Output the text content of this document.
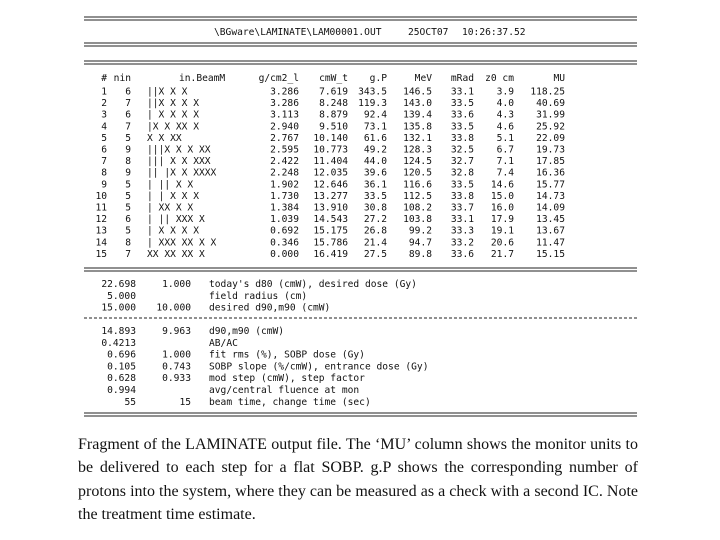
\BGware\LAMINATE\LAM00001.OUT	25OCT07 10:26:37.52
# nin	in.BeamM	g/cm2_l cmW_t g.P	MeV mRad z0 cm	MU
1 6 ||X X X	3.286 7.619 343.5 146.5 33.1 3.9 118.25
2 7 ||X X X X	3.286 8.248 119.3 143.0 33.5 4.0 40.69
3 6 | X X X X	3.113 8.879 92.4 139.4 33.6 4.3 31.99
4 7 |X X XX X	2.940 9.510 73.1 135.8 33.5 4.6 25.92
5 5 X X XX	2.767 10.140 61.6 132.1 33.8 5.1 22.09
6 9 |||X X X XX	2.595 10.773 49.2 128.3 32.5 6.7 19.73
7 8 ||| X X XXX	2.422 11.404 44.0 124.5 32.7 7.1 17.85
8 9 || |X X XXXX	2.248 12.035 39.6 120.5 32.8 7.4 16.36
9 5 | || X X	1.902 12.646 36.1 116.6 33.5 14.6 15.77
10 5 | | X X X	1.730 13.277 33.5 112.5 33.8 15.0 14.73
11 5 | XX X X	1.384 13.910 30.8 108.2 33.7 16.0 14.09
12 6 | || XXX X	1.039 14.543 27.2 103.8 33.1 17.9 13.45
13 5 | X X X X	0.692 15.175 26.8 99.2 33.3 19.1 13.67
14 8 | XXX XX X X	0.346 15.786 21.4 94.7 33.2 20.6 11.47
15 7 XX XX XX X	0.000 16.419 27.5 89.8 33.6 21.7 15.15
22.698	1.000 today's d80 (cmW), desired dose (Gy)
5.000	field radius (cm)
15.000 10.000 desired d90,m90 (cmW)
14.893	9.963 d90,m90 (cmW)
0.4213	AB/AC
0.696	1.000 fit rms (%), SOBP dose (Gy)
0.105	0.743 SOBP slope (%/cmW), entrance dose (Gy)
0.628	0.933 mod step (cmW), step factor
0.994	avg/central fluence at mon
55	15 beam time, change time (sec)

Fragment of the LAMINATE output file. The ‘MU’ column shows the monitor units to be delivered to each step for a flat SOBP. g.P shows the corresponding number of protons into the system, where they can be measured as a check with a second IC. Note the treatment time estimate.
